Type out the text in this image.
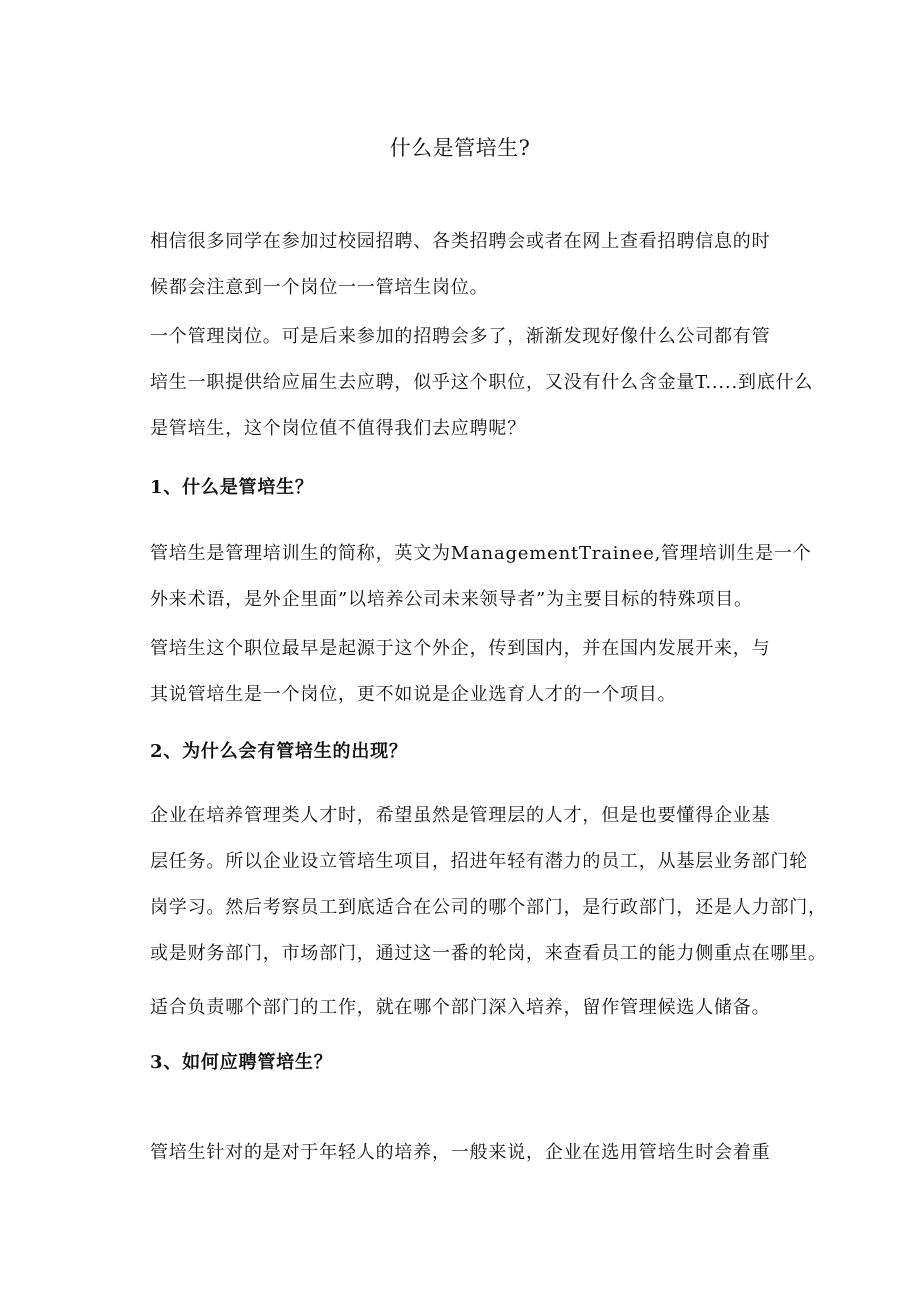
什么是管培生?
相信很多同学在参加过校园招聘、各类招聘会或者在网上查看招聘信息的时
候都会注意到一个岗位一一管培生岗位。
一个管理岗位。可是后来参加的招聘会多了，渐渐发现好像什么公司都有管
培生一职提供给应届生去应聘，似乎这个职位，又没有什么含金量T.....到底什么
是管培生，这个岗位值不值得我们去应聘呢？
1、什么是管培生？
管培生是管理培训生的简称，英文为ManagementTrainee,管理培训生是一个
外来术语，是外企里面”以培养公司未来领导者”为主要目标的特殊项目。
管培生这个职位最早是起源于这个外企，传到国内，并在国内发展开来，与
其说管培生是一个岗位，更不如说是企业选育人才的一个项目。
2、为什么会有管培生的出现？
企业在培养管理类人才时，希望虽然是管理层的人才，但是也要懂得企业基
层任务。所以企业设立管培生项目，招进年轻有潜力的员工，从基层业务部门轮
岗学习。然后考察员工到底适合在公司的哪个部门，是行政部门，还是人力部门，
或是财务部门，市场部门，通过这一番的轮岗，来查看员工的能力侧重点在哪里。
适合负责哪个部门的工作，就在哪个部门深入培养，留作管理候选人储备。
3、如何应聘管培生？
管培生针对的是对于年轻人的培养，一般来说，企业在选用管培生时会着重
